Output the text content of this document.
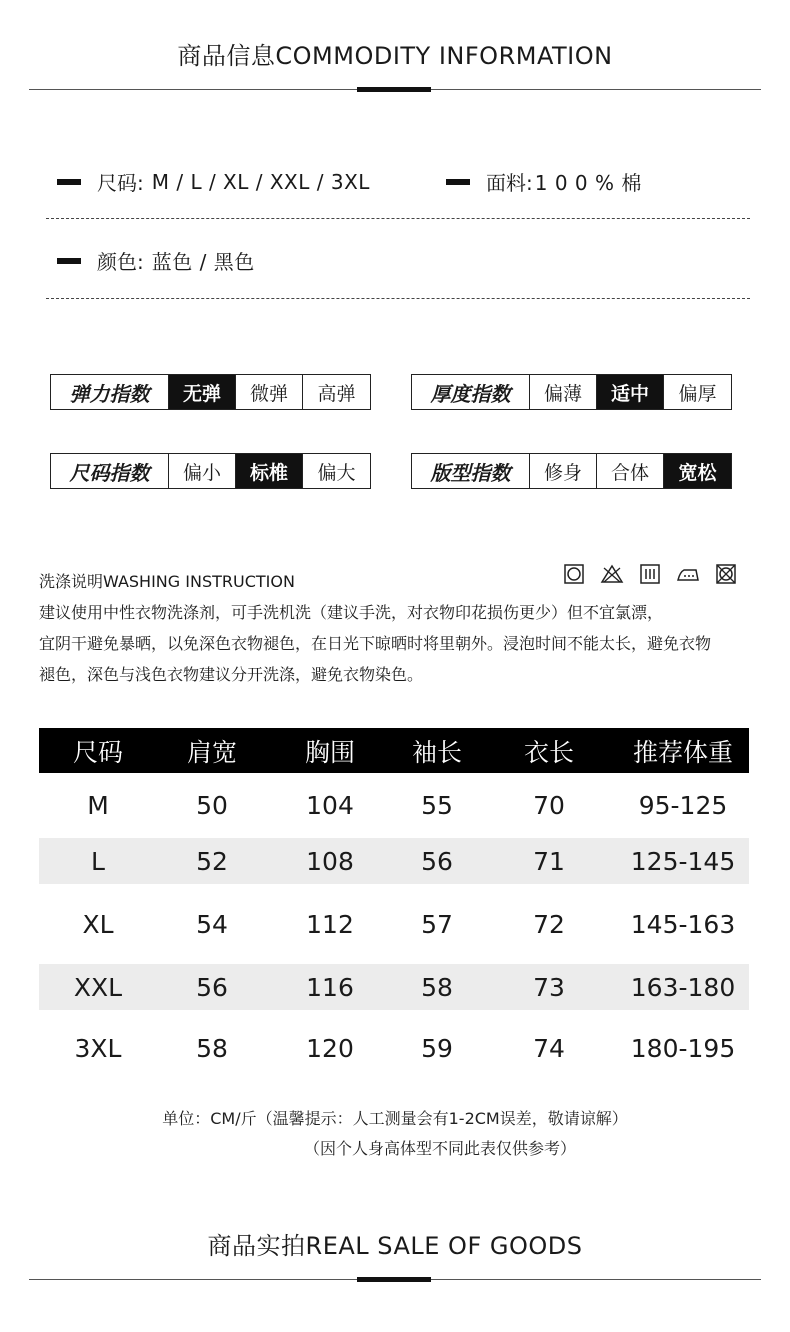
商品信息COMMODITY INFORMATION
尺码: M / L / XL / XXL / 3XL	面料: 1 0 0 % 棉
颜色: 蓝色 / 黑色
弹力指数	无弹	微弹	高弹	厚度指数	偏薄	适中	偏厚
尺码指数	偏小	标椎	偏大	版型指数	修身	合体	宽松
洗涤说明WASHING INSTRUCTION
建议使用中性衣物洗涤剂，可手洗机洗（建议手洗，对衣物印花损伤更少）但不宜氯漂，
宜阴干避免暴晒，以免深色衣物褪色，在日光下晾晒时将里朝外。浸泡时间不能太长，避免衣物
褪色，深色与浅色衣物建议分开洗涤，避免衣物染色。
尺码	肩宽	胸围	袖长	衣长	推荐体重
M	50	104	55	70	95-125
L	52	108	56	71	125-145
XL	54	112	57	72	145-163
XXL	56	116	58	73	163-180
3XL	58	120	59	74	180-195
单位：CM/斤（温馨提示：人工测量会有1-2CM误差，敬请谅解）
（因个人身高体型不同此表仅供参考）
商品实拍REAL SALE OF GOODS
